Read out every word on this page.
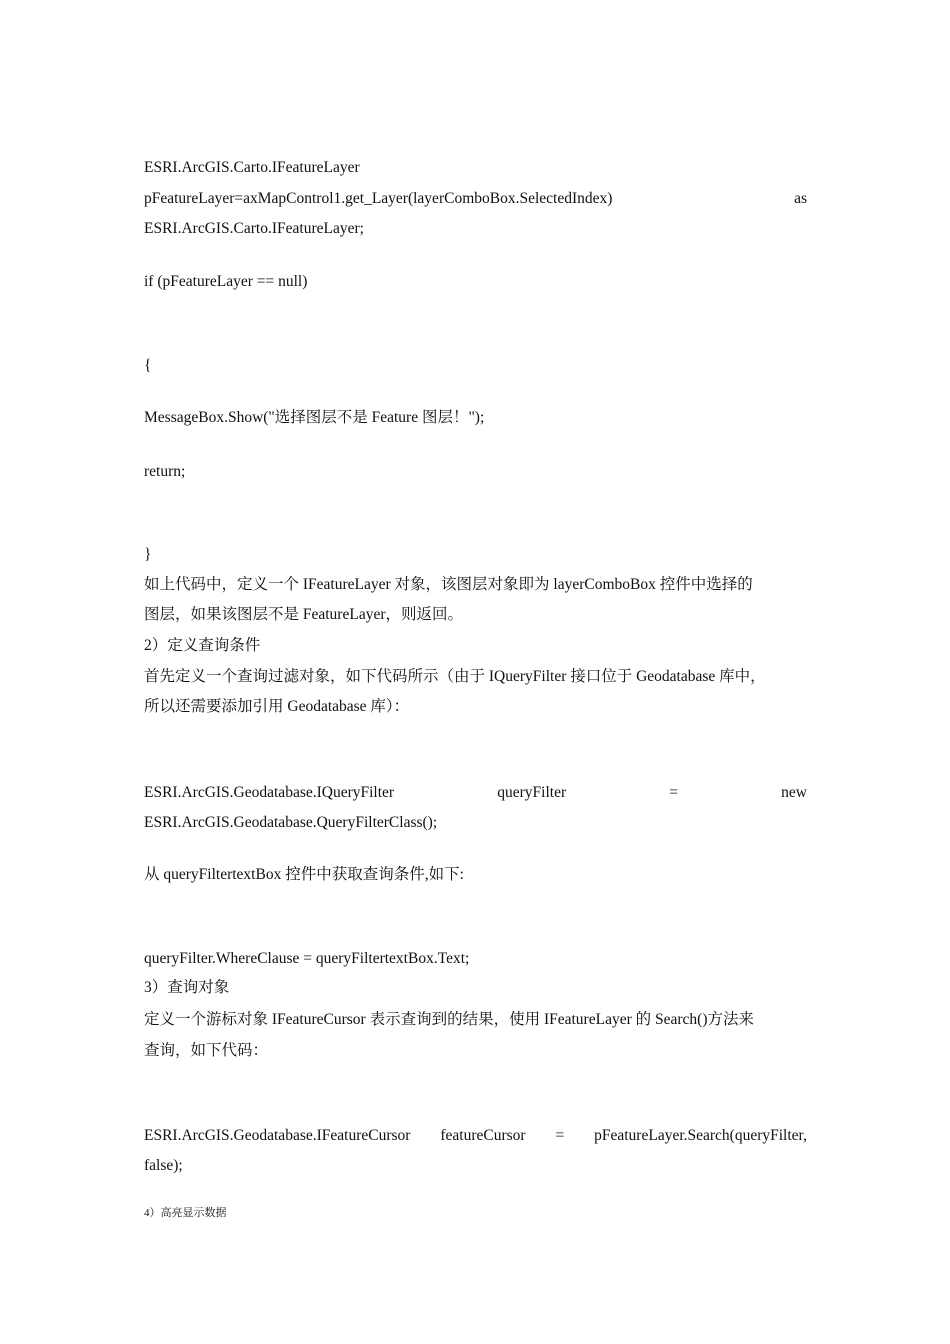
ESRI.ArcGIS.Carto.IFeatureLayer
pFeatureLayer=axMapControl1.get_Layer(layerComboBox.SelectedIndex)	as
ESRI.ArcGIS.Carto.IFeatureLayer;
if (pFeatureLayer == null)
{
MessageBox.Show("选择图层不是 Feature 图层！");
return;
}
如上代码中，定义一个 IFeatureLayer 对象，该图层对象即为 layerComboBox 控件中选择的
图层，如果该图层不是 FeatureLayer，则返回。
2）定义查询条件
首先定义一个查询过滤对象，如下代码所示（由于 IQueryFilter 接口位于 Geodatabase 库中，
所以还需要添加引用 Geodatabase 库）：
ESRI.ArcGIS.Geodatabase.IQueryFilter	queryFilter	=	new
ESRI.ArcGIS.Geodatabase.QueryFilterClass();
从 queryFiltertextBox 控件中获取查询条件,如下:
queryFilter.WhereClause = queryFiltertextBox.Text;
3）查询对象
定义一个游标对象 IFeatureCursor 表示查询到的结果，使用 IFeatureLayer 的 Search()方法来
查询，如下代码：
ESRI.ArcGIS.Geodatabase.IFeatureCursor featureCursor = pFeatureLayer.Search(queryFilter,
false);
4）高亮显示数据
